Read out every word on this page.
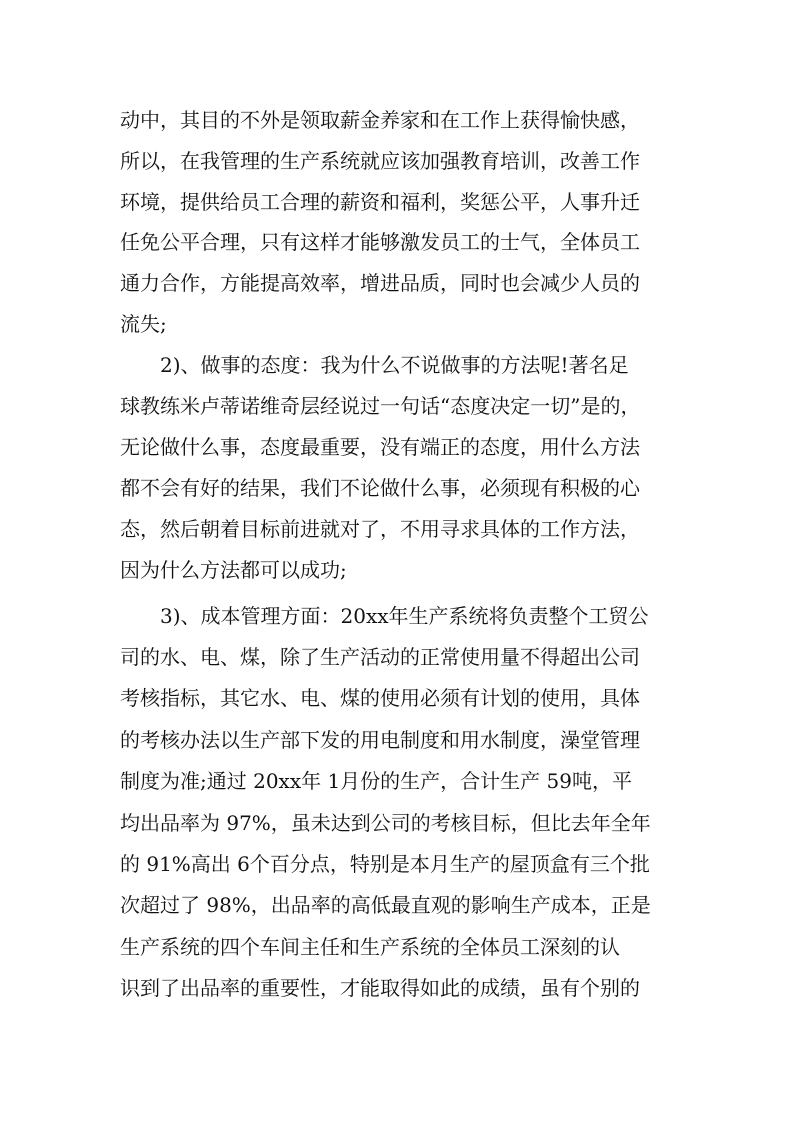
动中，其目的不外是领取薪金养家和在工作上获得愉快感，
所以，在我管理的生产系统就应该加强教育培训，改善工作
环境，提供给员工合理的薪资和福利，奖惩公平，人事升迁
任免公平合理，只有这样才能够激发员工的士气，全体员工
通力合作，方能提高效率，增进品质，同时也会减少人员的
流失;
2)、做事的态度：我为什么不说做事的方法呢!著名足
球教练米卢蒂诺维奇层经说过一句话“态度决定一切”是的，
无论做什么事，态度最重要，没有端正的态度，用什么方法
都不会有好的结果，我们不论做什么事，必须现有积极的心
态，然后朝着目标前进就对了，不用寻求具体的工作方法，
因为什么方法都可以成功;
3)、成本管理方面：20xx年生产系统将负责整个工贸公
司的水、电、煤，除了生产活动的正常使用量不得超出公司
考核指标，其它水、电、煤的使用必须有计划的使用，具体
的考核办法以生产部下发的用电制度和用水制度，澡堂管理
制度为准;通过 20xx年 1月份的生产，合计生产 59吨，平
均出品率为 97%，虽未达到公司的考核目标，但比去年全年
的 91%高出 6个百分点，特别是本月生产的屋顶盒有三个批
次超过了 98%，出品率的高低最直观的影响生产成本，正是
生产系统的四个车间主任和生产系统的全体员工深刻的认
识到了出品率的重要性，才能取得如此的成绩，虽有个别的
